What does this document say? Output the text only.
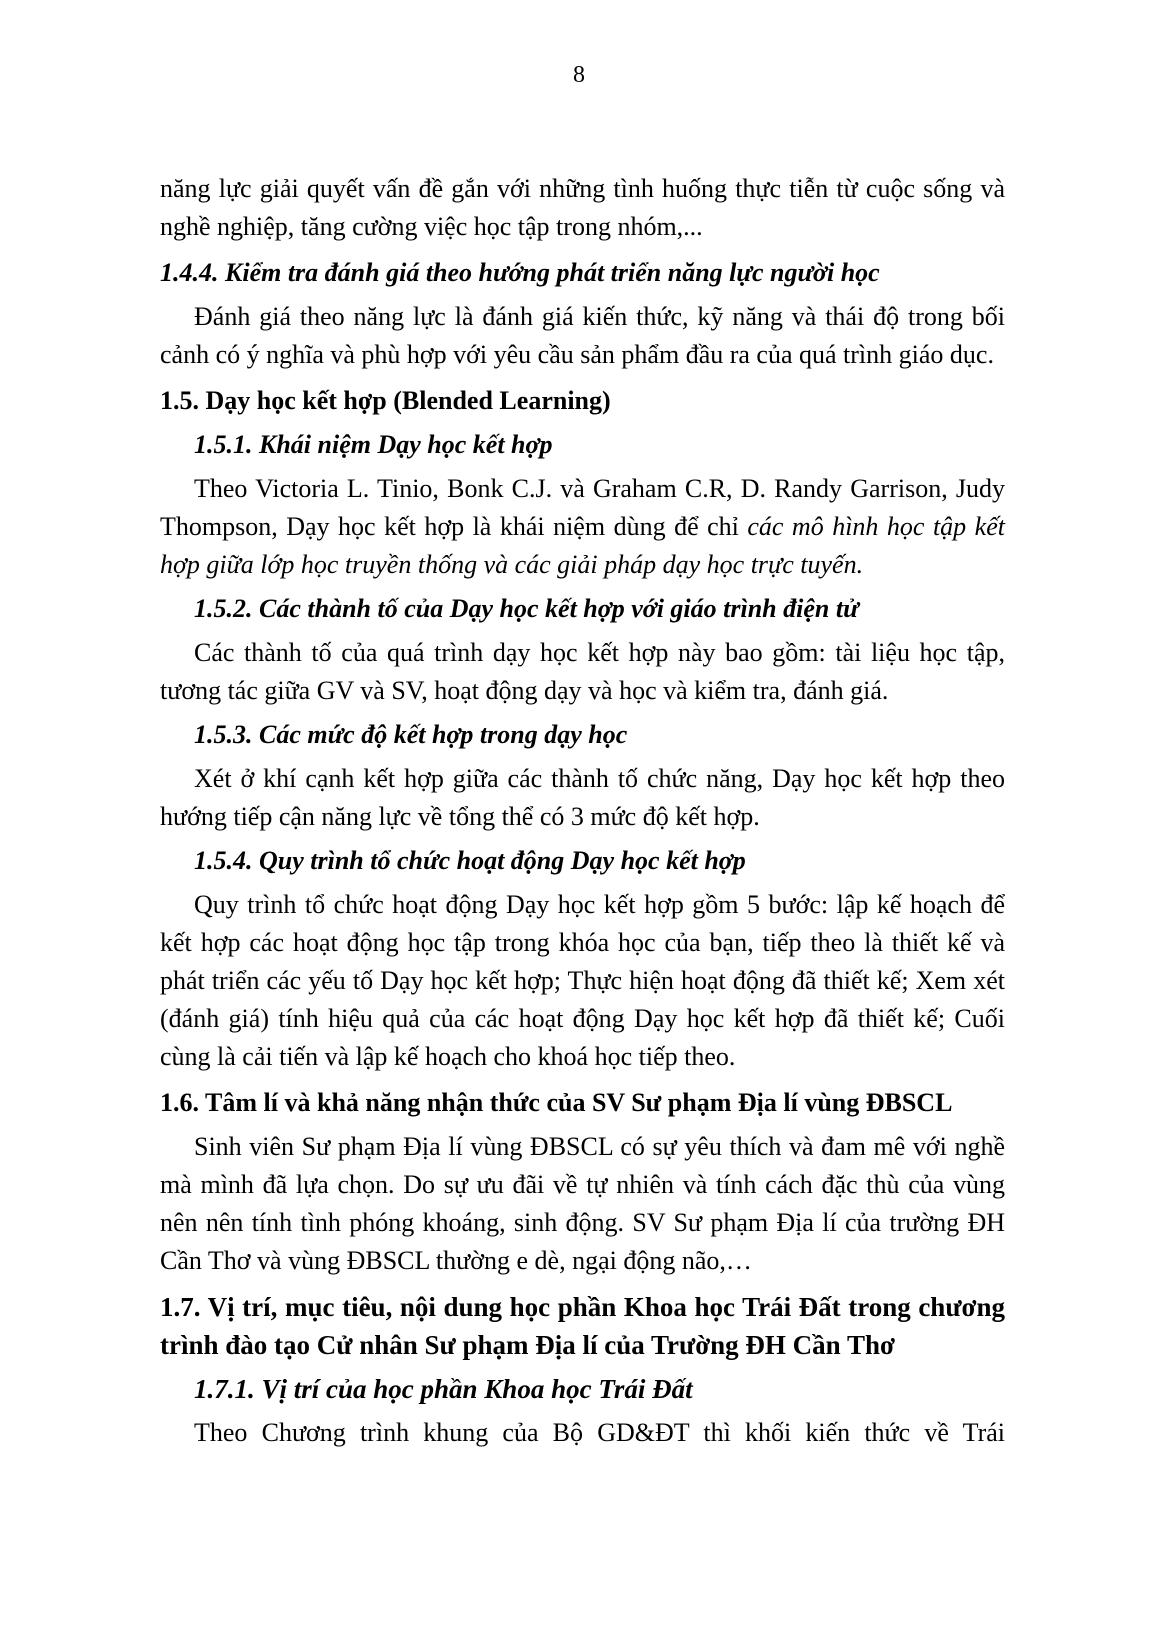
8

năng lực giải quyết vấn đề gắn với những tình huống thực tiễn từ cuộc sống và nghề nghiệp, tăng cường việc học tập trong nhóm,...

1.4.4. Kiểm tra đánh giá theo hướng phát triển năng lực người học

Đánh giá theo năng lực là đánh giá kiến thức, kỹ năng và thái độ trong bối cảnh có ý nghĩa và phù hợp với yêu cầu sản phẩm đầu ra của quá trình giáo dục.

1.5. Dạy học kết hợp (Blended Learning)

1.5.1. Khái niệm Dạy học kết hợp

Theo Victoria L. Tinio, Bonk C.J. và Graham C.R, D. Randy Garrison, Judy Thompson, Dạy học kết hợp là khái niệm dùng để chỉ các mô hình học tập kết hợp giữa lớp học truyền thống và các giải pháp dạy học trực tuyến.

1.5.2. Các thành tố của Dạy học kết hợp với giáo trình điện tử

Các thành tố của quá trình dạy học kết hợp này bao gồm: tài liệu học tập, tương tác giữa GV và SV, hoạt động dạy và học và kiểm tra, đánh giá.

1.5.3. Các mức độ kết hợp trong dạy học

Xét ở khí cạnh kết hợp giữa các thành tố chức năng, Dạy học kết hợp theo hướng tiếp cận năng lực về tổng thể có 3 mức độ kết hợp.

1.5.4. Quy trình tổ chức hoạt động Dạy học kết hợp

Quy trình tổ chức hoạt động Dạy học kết hợp gồm 5 bước: lập kế hoạch để kết hợp các hoạt động học tập trong khóa học của bạn, tiếp theo là thiết kế và phát triển các yếu tố Dạy học kết hợp; Thực hiện hoạt động đã thiết kế; Xem xét (đánh giá) tính hiệu quả của các hoạt động Dạy học kết hợp đã thiết kế; Cuối cùng là cải tiến và lập kế hoạch cho khoá học tiếp theo.

1.6. Tâm lí và khả năng nhận thức của SV Sư phạm Địa lí vùng ĐBSCL

Sinh viên Sư phạm Địa lí vùng ĐBSCL có sự yêu thích và đam mê với nghề mà mình đã lựa chọn. Do sự ưu đãi về tự nhiên và tính cách đặc thù của vùng nên nên tính tình phóng khoáng, sinh động. SV Sư phạm Địa lí của trường ĐH Cần Thơ và vùng ĐBSCL thường e dè, ngại động não,…

1.7. Vị trí, mục tiêu, nội dung học phần Khoa học Trái Đất trong chương trình đào tạo Cử nhân Sư phạm Địa lí của Trường ĐH Cần Thơ

1.7.1. Vị trí của học phần Khoa học Trái Đất

Theo Chương trình khung của Bộ GD&ĐT thì khối kiến thức về Trái
